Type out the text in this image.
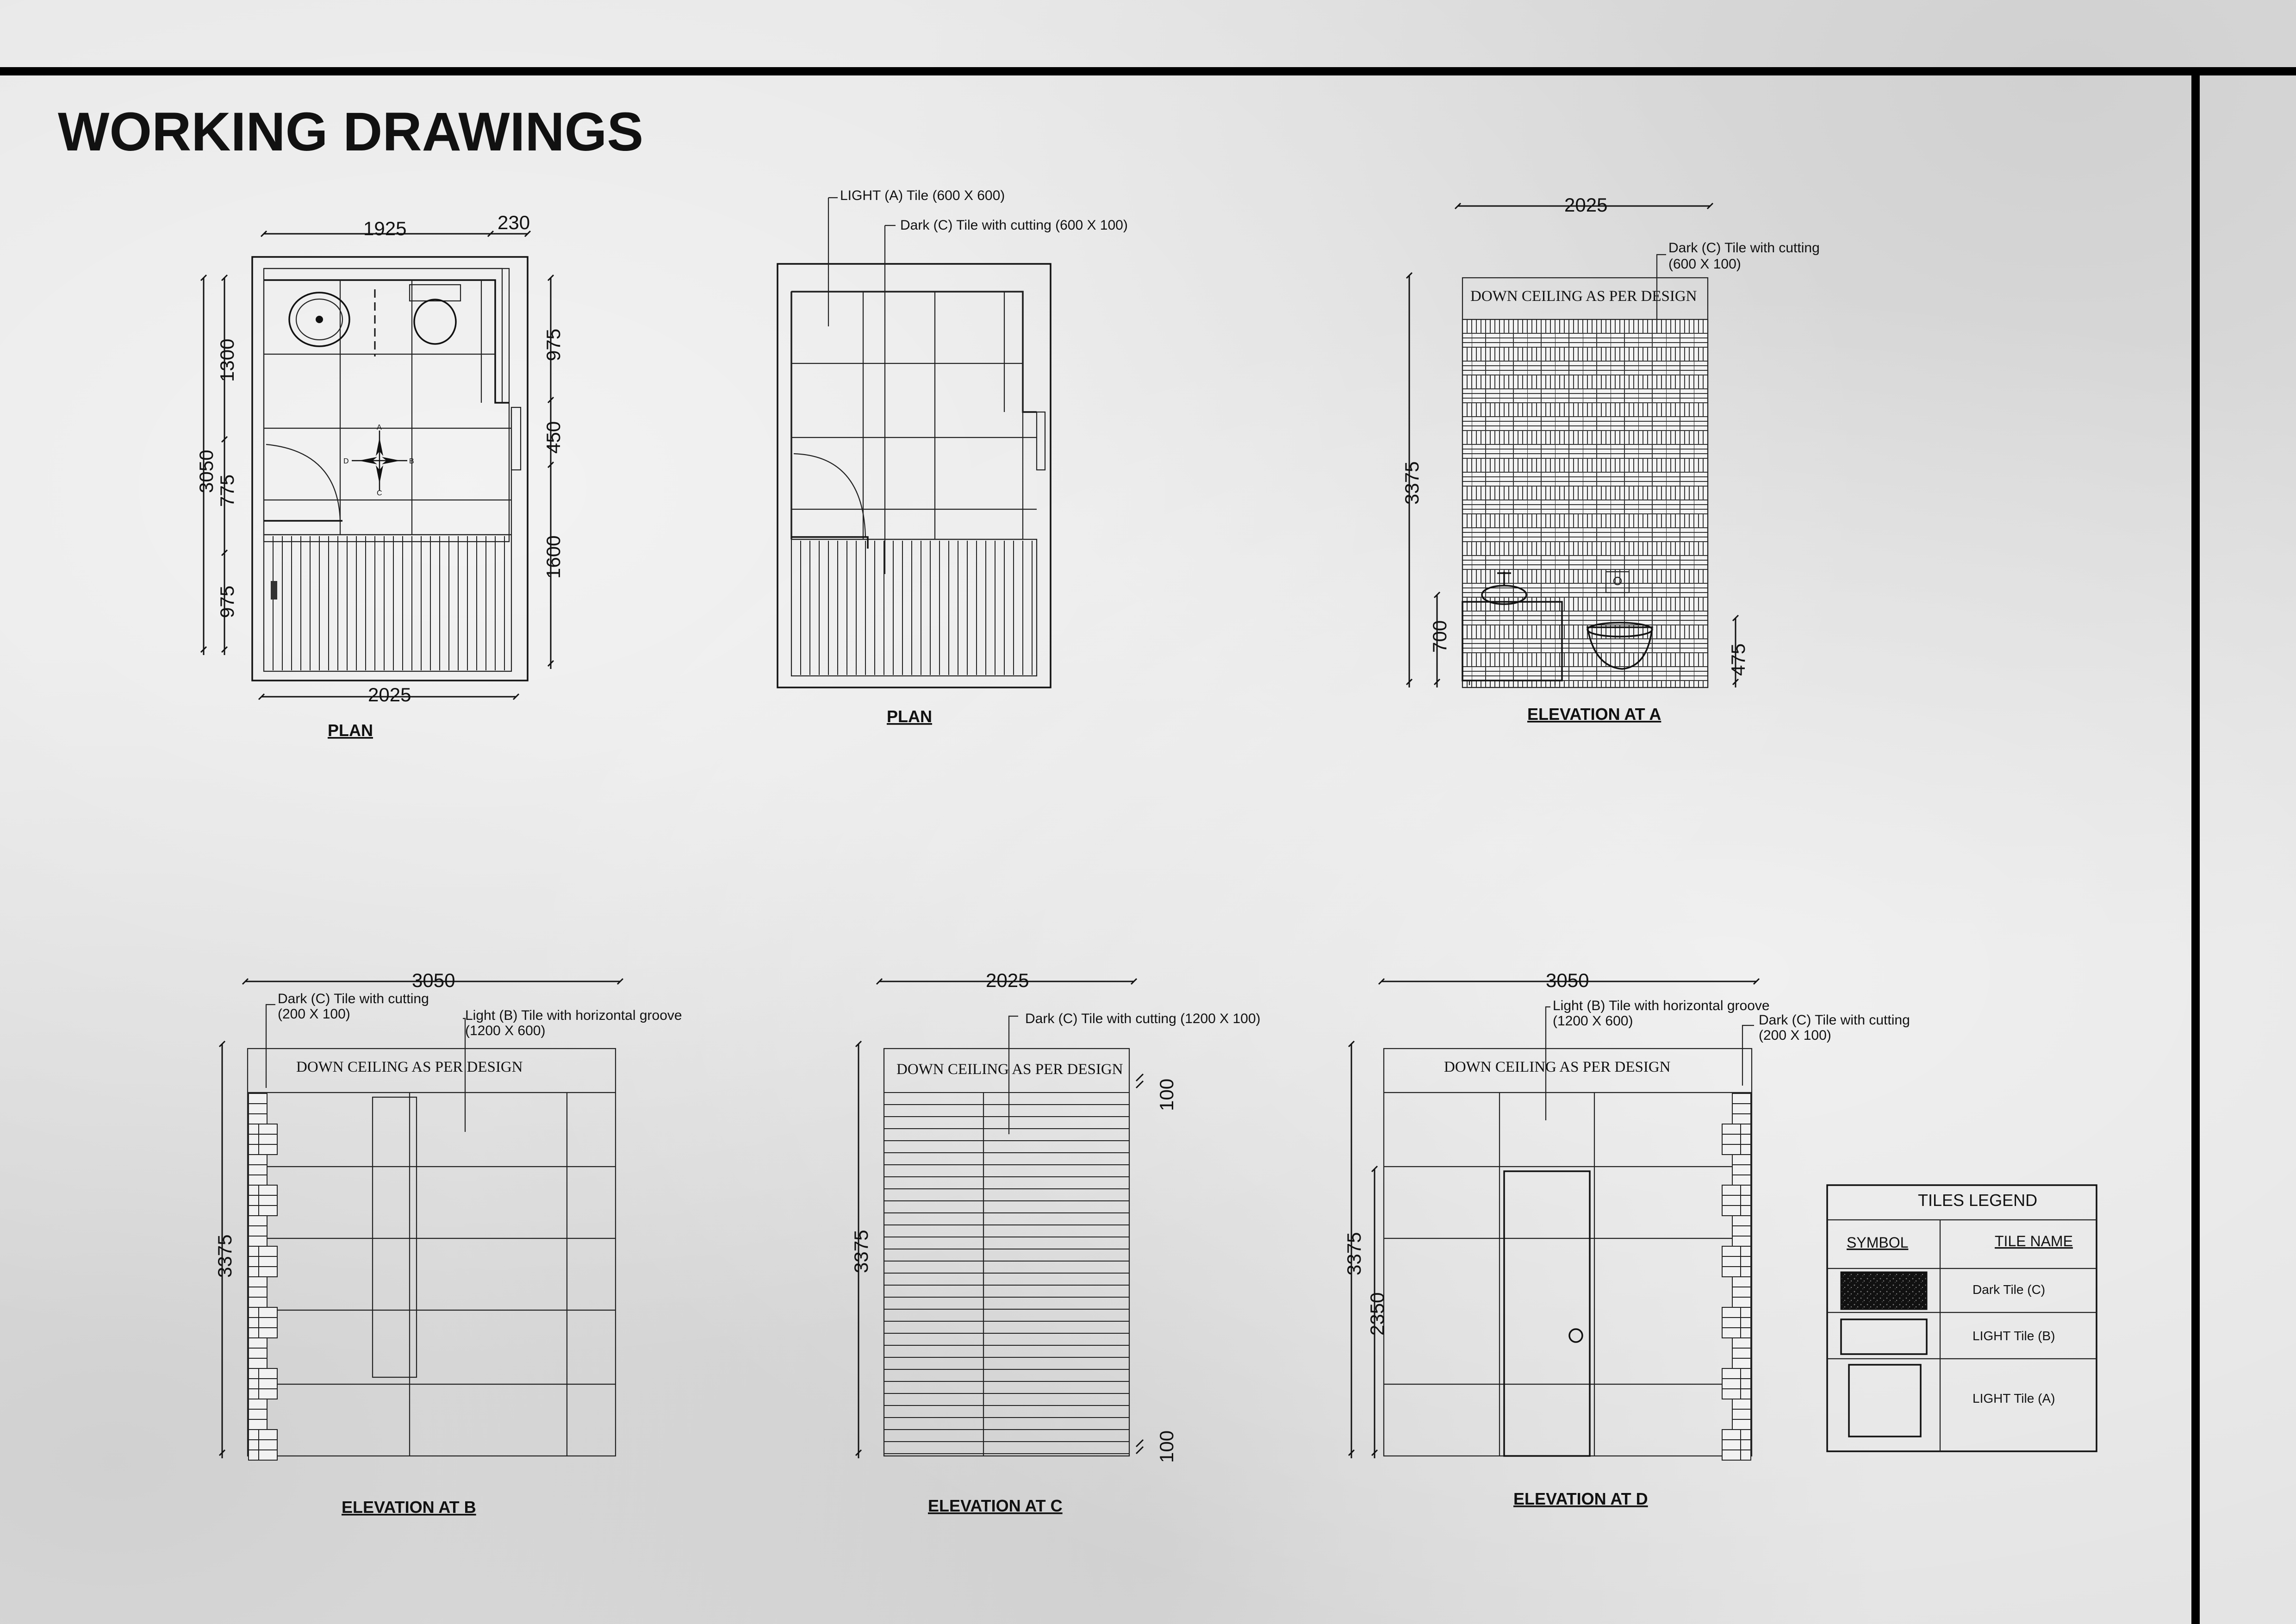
WORKING DRAWINGS
A
B
C
D
1925	230
2025
3050
1300
775
975
975
450
1600
PLAN
LIGHT (A) Tile (600 X 600)
Dark (C) Tile with cutting (600 X 100)
PLAN
DOWN CEILING AS PER DESIGN
2025
3375
700
475
Dark (C) Tile with cutting
(600 X 100)
ELEVATION AT A
DOWN CEILING AS PER DESIGN
3050
3375
Dark (C) Tile with cutting
(200 X 100)	Light (B) Tile with horizontal groove
(1200 X 600)
ELEVATION AT B
DOWN CEILING AS PER DESIGN
2025
3375
100
100
Dark (C) Tile with cutting (1200 X 100)
ELEVATION AT C
DOWN CEILING AS PER DESIGN
3050
3375
2350
Light (B) Tile with horizontal groove
(1200 X 600)	Dark (C) Tile with cutting
(200 X 100)
ELEVATION AT D
TILES LEGEND
SYMBOL	TILE NAME
Dark Tile (C)
LIGHT Tile (B)
LIGHT Tile (A)
